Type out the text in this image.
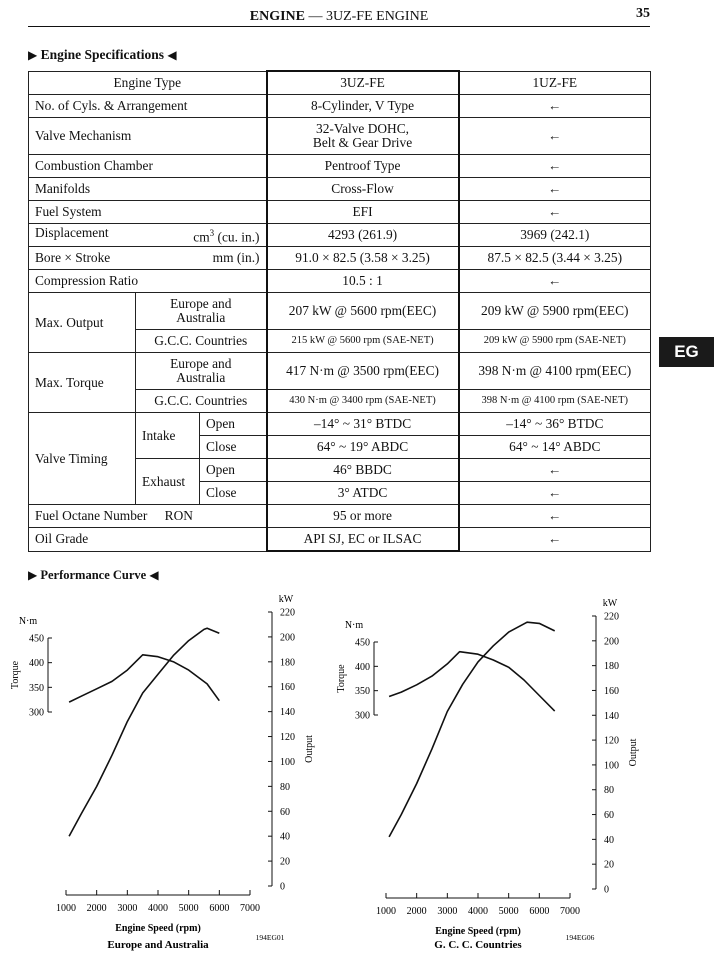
ENGINE — 3UZ-FE ENGINE	35
EG
▶ Engine Specifications ◀
Engine Type			3UZ-FE	1UZ-FE
No. of Cyls. & Arrangement			8-Cylinder, V Type	←
Valve Mechanism			32-Valve DOHC,
Belt & Gear Drive	←
Combustion Chamber			Pentroof Type	←
Manifolds			Cross-Flow	←
Fuel System			EFI	←

Displacement $cm^3$ (cu. in.)			4293 (261.9)	3969 (242.1)

Bore × Stroke mm (in.)			91.0 × 82.5 (3.58 × 3.25)	87.5 × 82.5 (3.44 × 3.25)
Compression Ratio			10.5 : 1	←
Max. Output	Europe and
Australia		207 kW @ 5600 rpm(EEC)	209 kW @ 5900 rpm(EEC)
	G.C.C. Countries		215 kW @ 5600 rpm (SAE-NET)	209 kW @ 5900 rpm (SAE-NET)
Max. Torque	Europe and
Australia		417 N·m @ 3500 rpm(EEC)	398 N·m @ 4100 rpm(EEC)
	G.C.C. Countries		430 N·m @ 3400 rpm (SAE-NET)	398 N·m @ 4100 rpm (SAE-NET)
Valve Timing	Intake	Open	–14° ~ 31° BTDC	–14° ~ 36° BTDC
		Close	64° ~ 19° ABDC	64° ~ 14° ABDC
	Exhaust	Open	46° BBDC	←
		Close	3° ATDC	←
Fuel Octane Number RON			95 or more	←
Oil Grade			API SJ, EC or ILSAC	←
▶ Performance Curve ◀
1000 2000 3000 4000 5000 6000 7000
Engine Speed (rpm)
Europe and Australia
194EG01
300
350
400
450
N·m
Torque
0
20
40
60
80
100
120
140
160
180
200
220
kW
Output
1000 2000 3000 4000 5000 6000 7000
Engine Speed (rpm)
G. C. C. Countries
194EG06
300
350
400
450
N·m
Torque
0
20
40
60
80
100
120
140
160
180
200
220
kW
Output
